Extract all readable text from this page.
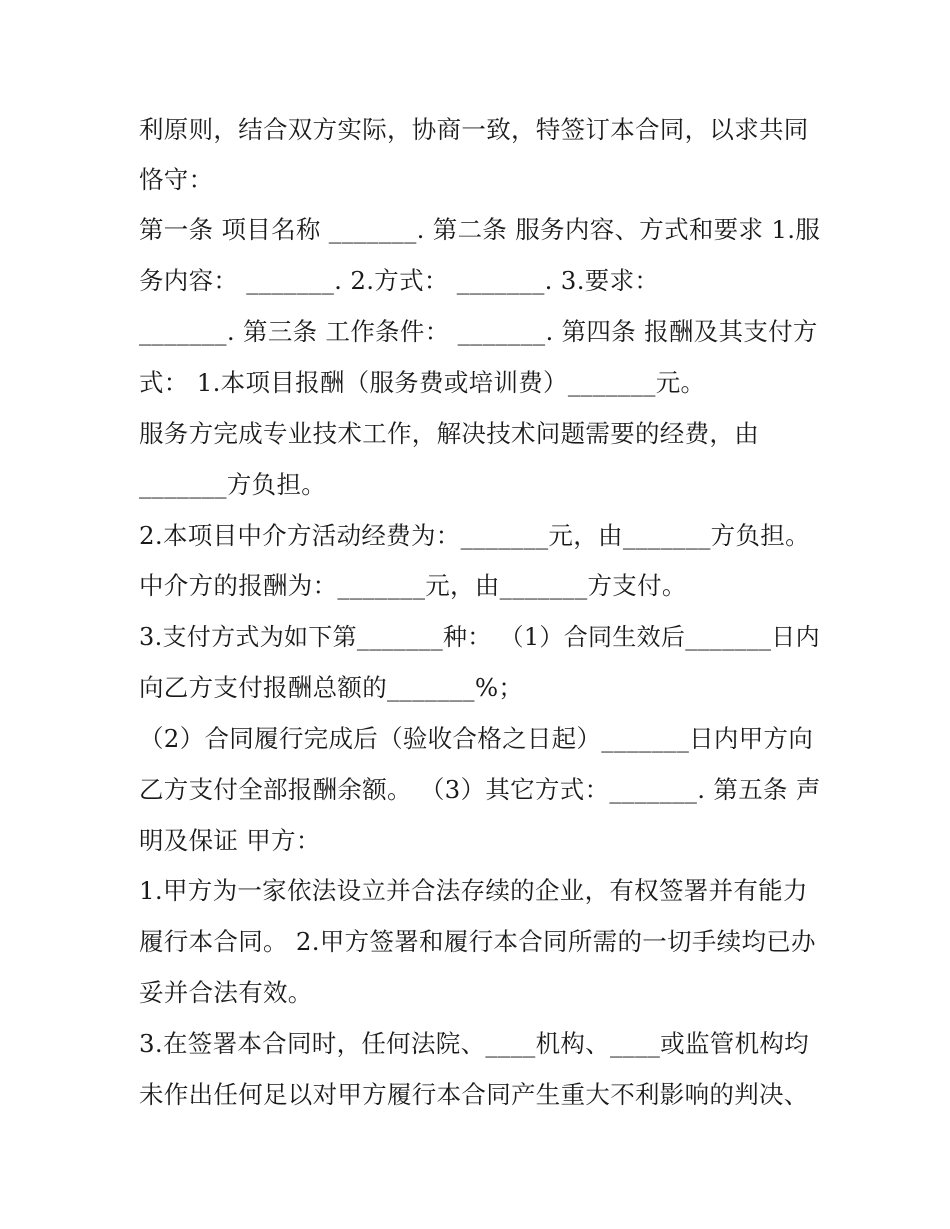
利原则，结合双方实际，协商一致，特签订本合同，以求共同
恪守：
第一条 项目名称 _______. 第二条 服务内容、方式和要求 1.服
务内容： _______. 2.方式： _______. 3.要求：
_______. 第三条 工作条件： _______. 第四条 报酬及其支付方
式： 1.本项目报酬（服务费或培训费）_______元。
服务方完成专业技术工作，解决技术问题需要的经费，由
_______方负担。
2.本项目中介方活动经费为：_______元，由_______方负担。
中介方的报酬为：_______元，由_______方支付。
3.支付方式为如下第_______种： （1）合同生效后_______日内
向乙方支付报酬总额的_______%；
（2）合同履行完成后（验收合格之日起）_______日内甲方向
乙方支付全部报酬余额。 （3）其它方式：_______. 第五条 声
明及保证 甲方：
1.甲方为一家依法设立并合法存续的企业，有权签署并有能力
履行本合同。 2.甲方签署和履行本合同所需的一切手续均已办
妥并合法有效。
3.在签署本合同时，任何法院、____机构、____或监管机构均
未作出任何足以对甲方履行本合同产生重大不利影响的判决、
